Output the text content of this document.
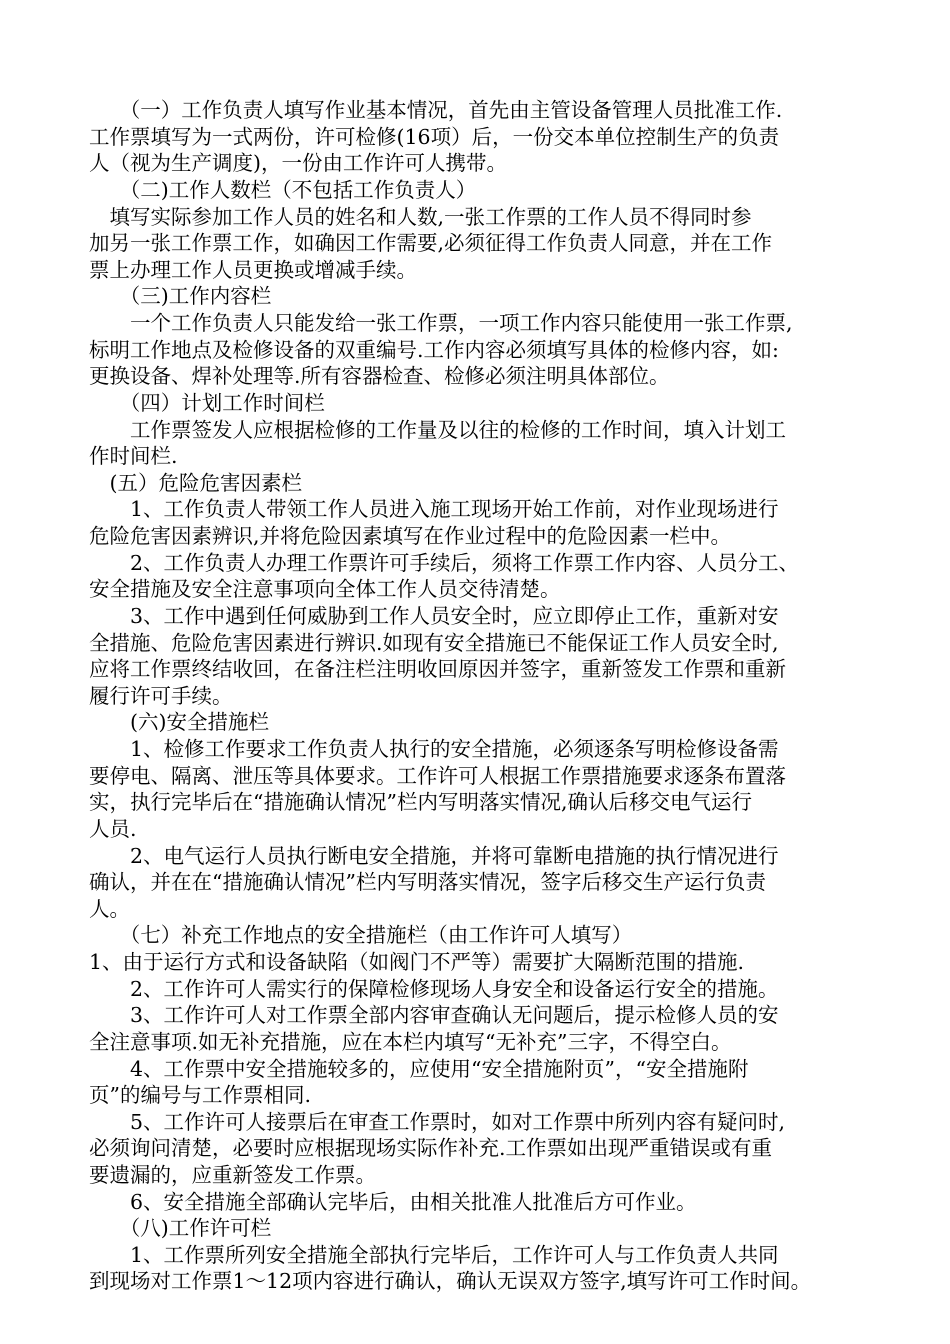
　　（一）工作负责人填写作业基本情况，首先由主管设备管理人员批准工作.

工作票填写为一式两份，许可检修(16项）后，一份交本单位控制生产的负责

人（视为生产调度)，一份由工作许可人携带。

　　（二)工作人数栏（不包括工作负责人）

　填写实际参加工作人员的姓名和人数,一张工作票的工作人员不得同时参

加另一张工作票工作，如确因工作需要,必须征得工作负责人同意，并在工作

票上办理工作人员更换或增减手续。

　　（三)工作内容栏

　　一个工作负责人只能发给一张工作票，一项工作内容只能使用一张工作票,

标明工作地点及检修设备的双重编号.工作内容必须填写具体的检修内容，如:

更换设备、焊补处理等.所有容器检查、检修必须注明具体部位。

　　（四）计划工作时间栏

　　工作票签发人应根据检修的工作量及以往的检修的工作时间，填入计划工

作时间栏.

　(五）危险危害因素栏

　　1、工作负责人带领工作人员进入施工现场开始工作前，对作业现场进行

危险危害因素辨识,并将危险因素填写在作业过程中的危险因素一栏中。

　　2、工作负责人办理工作票许可手续后，须将工作票工作内容、人员分工、

安全措施及安全注意事项向全体工作人员交待清楚。

　　3、工作中遇到任何威胁到工作人员安全时，应立即停止工作，重新对安

全措施、危险危害因素进行辨识.如现有安全措施已不能保证工作人员安全时,

应将工作票终结收回，在备注栏注明收回原因并签字，重新签发工作票和重新

履行许可手续。

　　(六)安全措施栏

　　1、检修工作要求工作负责人执行的安全措施，必须逐条写明检修设备需

要停电、隔离、泄压等具体要求。工作许可人根据工作票措施要求逐条布置落

实，执行完毕后在“措施确认情况”栏内写明落实情况,确认后移交电气运行

人员.

　　2、电气运行人员执行断电安全措施，并将可靠断电措施的执行情况进行

确认，并在在“措施确认情况”栏内写明落实情况，签字后移交生产运行负责

人。

　　（七）补充工作地点的安全措施栏（由工作许可人填写）

1、由于运行方式和设备缺陷（如阀门不严等）需要扩大隔断范围的措施.

　　2、工作许可人需实行的保障检修现场人身安全和设备运行安全的措施。

　　3、工作许可人对工作票全部内容审查确认无问题后，提示检修人员的安

全注意事项.如无补充措施，应在本栏内填写“无补充”三字，不得空白。

　　4、工作票中安全措施较多的，应使用“安全措施附页”，“安全措施附

页”的编号与工作票相同.

　　5、工作许可人接票后在审查工作票时，如对工作票中所列内容有疑问时,

必须询问清楚，必要时应根据现场实际作补充.工作票如出现严重错误或有重

要遗漏的，应重新签发工作票。

　　6、安全措施全部确认完毕后，由相关批准人批准后方可作业。

　　（八)工作许可栏

　　1、工作票所列安全措施全部执行完毕后，工作许可人与工作负责人共同

到现场对工作票1～12项内容进行确认，确认无误双方签字,填写许可工作时间。
